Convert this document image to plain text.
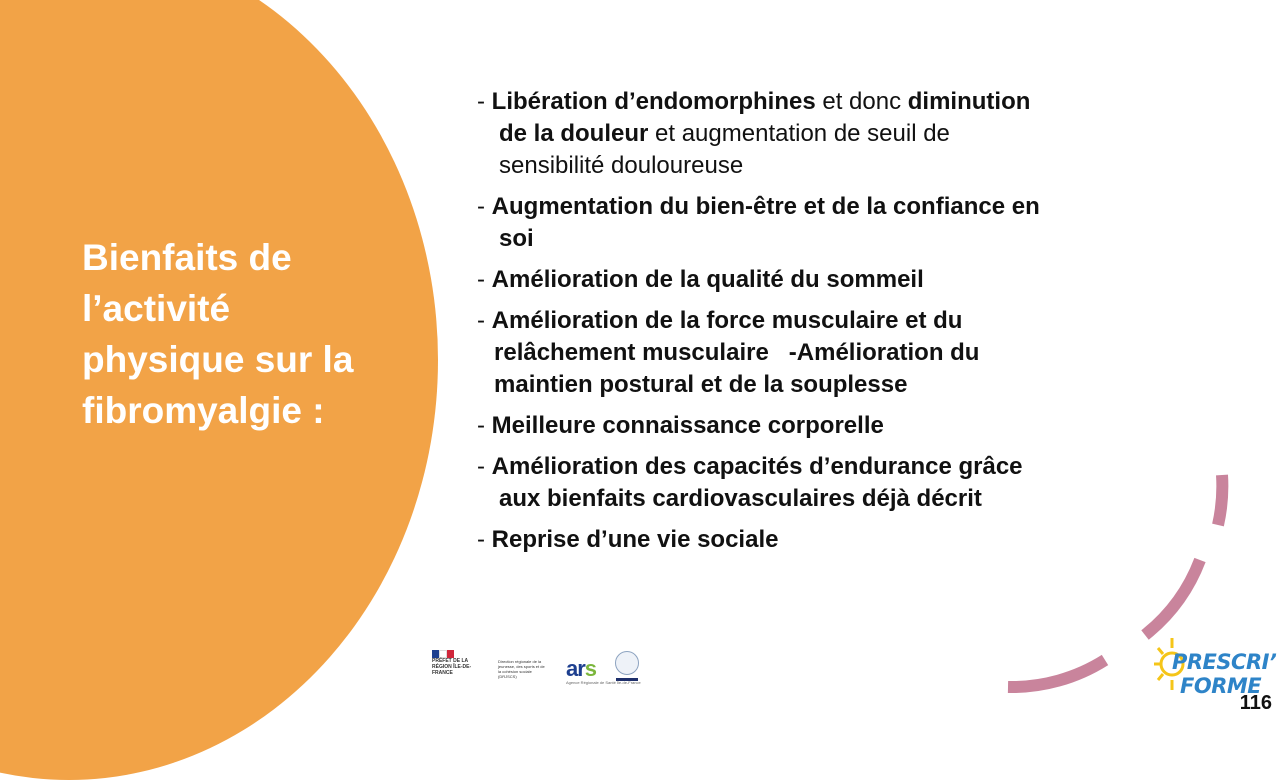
Bienfaits de l’activité physique sur la fibromyalgie :
- Libération d’endomorphines et donc diminution
de la douleur et augmentation de seuil de
sensibilité douloureuse
- Augmentation du bien-être et de la confiance en
soi
- Amélioration de la qualité du sommeil
- Amélioration de la force musculaire et du
relâchement musculaire   -Amélioration du
maintien postural et de la souplesse
- Meilleure connaissance corporelle
- Amélioration des capacités d’endurance grâce
aux bienfaits cardiovasculaires déjà décrit
- Reprise d’une vie sociale
PRÉFET DE LA RÉGION ÎLE-DE-FRANCE
Direction régionale de la jeunesse, des sports et de la cohésion sociale (DRJSCS)	ars
Agence Régionale de Santé Île-de-France
PRESCRI’
FORME
116
